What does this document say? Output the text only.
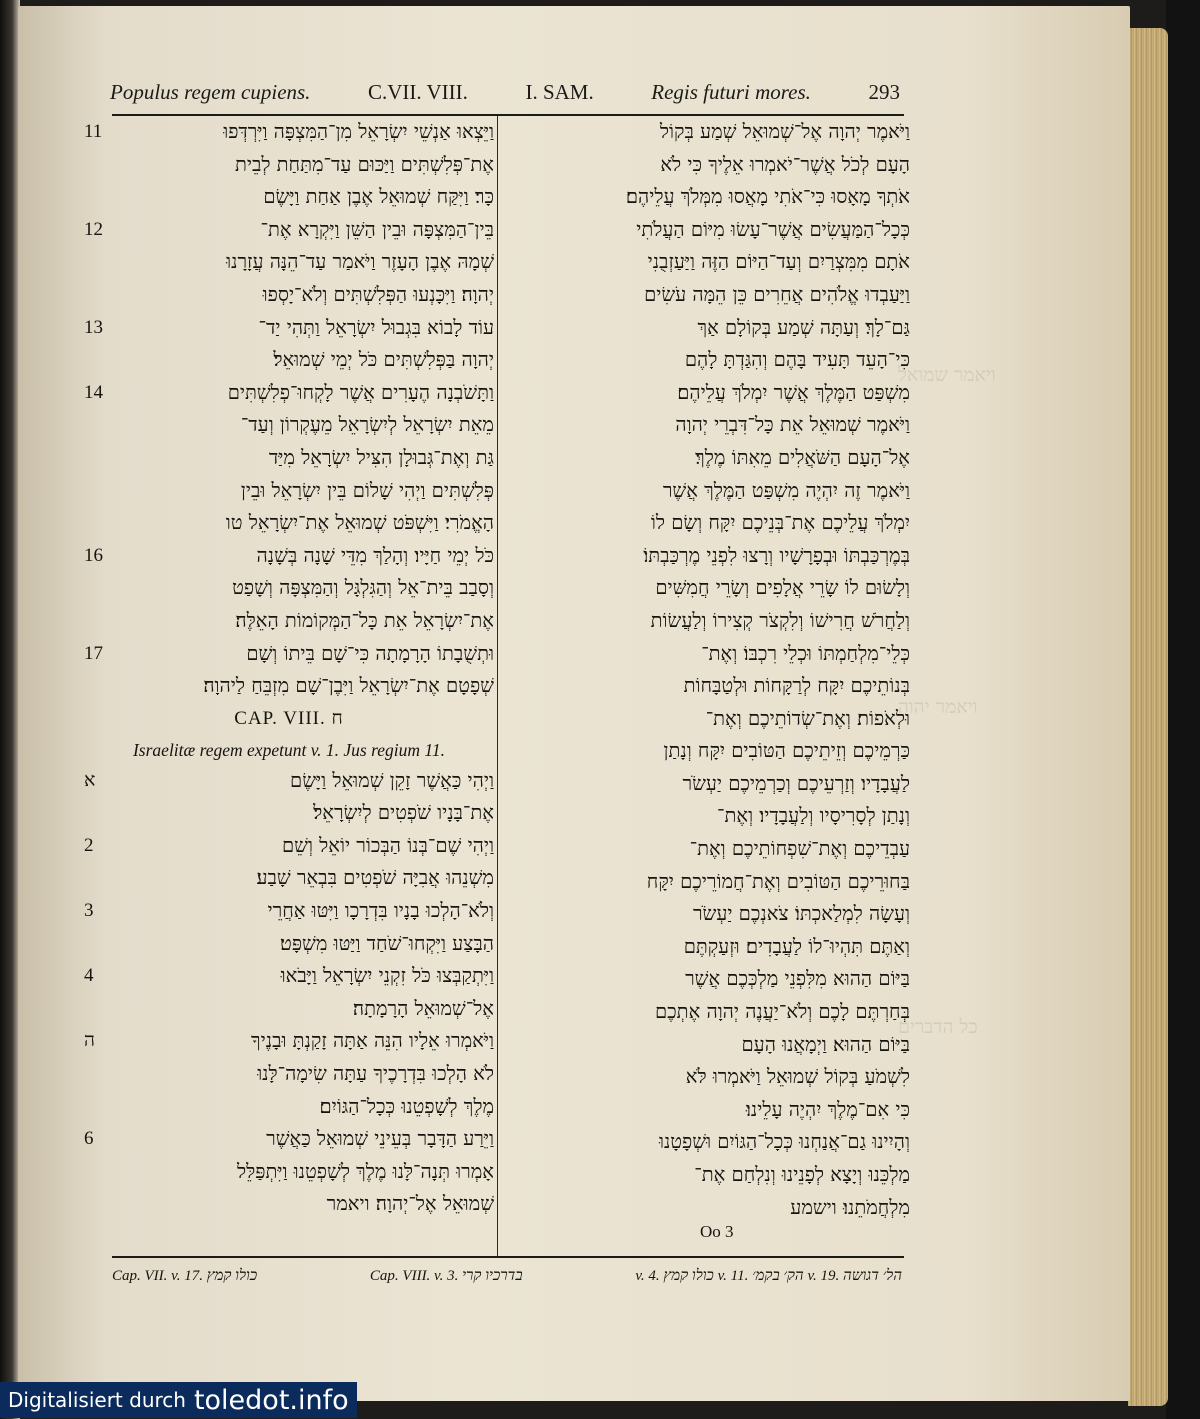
ויאמר שמואל
ויאמר יהוה
כל הדברים
Populus regem cupiens.	C.VII. VIII.	I. SAM.	Regis futuri mores.	293
וַיֵּצְאוּ אַנְשֵׁי יִשְׂרָאֵל מִן־הַמִּצְפָּה וַיִּרְדְּפוּ
11
אֶת־פְּלִשְׁתִּים וַיַּכּוּם עַד־מִתַּחַת לְבֵית
כָּר׃ וַיִּקַּח שְׁמוּאֵל אֶבֶן אַחַת וַיָּשֶׂם
בֵּין־הַמִּצְפָּה וּבֵין הַשֵּׁן וַיִּקְרָא אֶת־
12
שְׁמָהּ אֶבֶן הָעָזֶר וַיֹּאמַר עַד־הֵנָּה עֲזָרָנוּ
יְהוָה׃ וַיִּכָּנְעוּ הַפְּלִשְׁתִּים וְלֹא־יָסְפוּ
עוֹד לָבוֹא בִּגְבוּל יִשְׂרָאֵל וַתְּהִי יַד־
13
יְהוָה בַּפְּלִשְׁתִּים כֹּל יְמֵי שְׁמוּאֵל׃
וַתָּשֹׁבְנָה הֶעָרִים אֲשֶׁר לָקְחוּ־פְלִשְׁתִּים
14
מֵאֵת יִשְׂרָאֵל לְיִשְׂרָאֵל מֵעֶקְרוֹן וְעַד־
גַּת וְאֶת־גְּבוּלָן הִצִּיל יִשְׂרָאֵל מִיַּד
פְּלִשְׁתִּים וַיְהִי שָׁלוֹם בֵּין יִשְׂרָאֵל וּבֵין
הָאֱמֹרִי׃ וַיִּשְׁפֹּט שְׁמוּאֵל אֶת־יִשְׂרָאֵל טו
כֹּל יְמֵי חַיָּיו׃ וְהָלַךְ מִדֵּי שָׁנָה בְּשָׁנָה
16
וְסָבַב בֵּית־אֵל וְהַגִּלְגָּל וְהַמִּצְפָּה וְשָׁפַט
אֶת־יִשְׂרָאֵל אֵת כָּל־הַמְּקוֹמוֹת הָאֵלֶּה׃
וּתְשֻׁבָתוֹ הָרָמָתָה כִּי־שָׁם בֵּיתוֹ וְשָׁם
17
שְׁפָטָם אֶת־יִשְׂרָאֵל וַיִּבֶן־שָׁם מִזְבֵּחַ לַיהוָה׃
CAP. VIII. ח
Israelitæ regem expetunt v. 1. Jus regium 11.
וַיְהִי כַּאֲשֶׁר זָקֵן שְׁמוּאֵל וַיָּשֶׂם
א
אֶת־בָּנָיו שֹׁפְטִים לְיִשְׂרָאֵל׃
וַיְהִי שֶׁם־בְּנוֹ הַבְּכוֹר יוֹאֵל וְשֵׁם
2
מִשְׁנֵהוּ אֲבִיָּה שֹׁפְטִים בִּבְאֵר שָׁבַע׃
וְלֹא־הָלְכוּ בָנָיו בִּדְרָכָו וַיִּטּוּ אַחֲרֵי
3
הַבָּצַע וַיִּקְחוּ־שֹׁחַד וַיַּטּוּ מִשְׁפָּט׃
וַיִּתְקַבְּצוּ כֹּל זִקְנֵי יִשְׂרָאֵל וַיָּבֹאוּ
4
אֶל־שְׁמוּאֵל הָרָמָתָה׃
וַיֹּאמְרוּ אֵלָיו הִנֵּה אַתָּה זָקַנְתָּ וּבָנֶיךָ
ה
לֹא הָלְכוּ בִּדְרָכֶיךָ עַתָּה שִׂימָה־לָּנוּ
מֶלֶךְ לְשָׁפְטֵנוּ כְּכָל־הַגּוֹיִם׃
וַיֵּרַע הַדָּבָר בְּעֵינֵי שְׁמוּאֵל כַּאֲשֶׁר
6
אָמְרוּ תְּנָה־לָּנוּ מֶלֶךְ לְשָׁפְטֵנוּ וַיִּתְפַּלֵּל
שְׁמוּאֵל אֶל־יְהוָה׃ ויאמר
וַיֹּאמֶר יְהוָה אֶל־שְׁמוּאֵל שְׁמַע בְּקוֹל
הָעָם לְכֹל אֲשֶׁר־יֹאמְרוּ אֵלֶיךָ כִּי לֹא
אֹתְךָ מָאָסוּ כִּי־אֹתִי מָאֲסוּ מִמְּלֹךְ עֲלֵיהֶם׃
כְּכָל־הַמַּעֲשִׂים אֲשֶׁר־עָשׂוּ מִיּוֹם הַעֲלֹתִי
אֹתָם מִמִּצְרַיִם וְעַד־הַיּוֹם הַזֶּה וַיַּעַזְבֻנִי
וַיַּעַבְדוּ אֱלֹהִים אֲחֵרִים כֵּן הֵמָּה עֹשִׂים
גַּם־לָךְ׃ וְעַתָּה שְׁמַע בְּקוֹלָם אַךְ
כִּי־הָעֵד תָּעִיד בָּהֶם וְהִגַּדְתָּ לָהֶם
מִשְׁפַּט הַמֶּלֶךְ אֲשֶׁר יִמְלֹךְ עֲלֵיהֶם׃
וַיֹּאמֶר שְׁמוּאֵל אֵת כָּל־דִּבְרֵי יְהוָה
אֶל־הָעָם הַשֹּׁאֲלִים מֵאִתּוֹ מֶלֶךְ׃
וַיֹּאמֶר זֶה יִהְיֶה מִשְׁפַּט הַמֶּלֶךְ אֲשֶׁר
יִמְלֹךְ עֲלֵיכֶם אֶת־בְּנֵיכֶם יִקָּח וְשָׂם לוֹ
בְּמֶרְכַּבְתּוֹ וּבְפָרָשָׁיו וְרָצוּ לִפְנֵי מֶרְכַּבְתּוֹ׃
וְלָשׂוּם לוֹ שָׂרֵי אֲלָפִים וְשָׂרֵי חֲמִשִּׁים
וְלַחֲרֹשׁ חֲרִישׁוֹ וְלִקְצֹר קְצִירוֹ וְלַעֲשׂוֹת
כְּלֵי־מִלְחַמְתּוֹ וּכְלֵי רִכְבּוֹ׃ וְאֶת־
בְּנוֹתֵיכֶם יִקָּח לְרַקָּחוֹת וּלְטַבָּחוֹת
וּלְאֹפוֹת׃ וְאֶת־שְׂדוֹתֵיכֶם וְאֶת־
כַּרְמֵיכֶם וְזֵיתֵיכֶם הַטּוֹבִים יִקָּח וְנָתַן
לַעֲבָדָיו׃ וְזַרְעֵיכֶם וְכַרְמֵיכֶם יַעְשֹׂר
וְנָתַן לְסָרִיסָיו וְלַעֲבָדָיו׃ וְאֶת־
עַבְדֵיכֶם וְאֶת־שִׁפְחוֹתֵיכֶם וְאֶת־
בַּחוּרֵיכֶם הַטּוֹבִים וְאֶת־חֲמוֹרֵיכֶם יִקָּח
וְעָשָׂה לִמְלַאכְתּוֹ׃ צֹאנְכֶם יַעְשֹׂר
וְאַתֶּם תִּהְיוּ־לוֹ לַעֲבָדִים׃ וּזְעַקְתֶּם
בַּיּוֹם הַהוּא מִלִּפְנֵי מַלְכְּכֶם אֲשֶׁר
בְּחַרְתֶּם לָכֶם וְלֹא־יַעֲנֶה יְהוָה אֶתְכֶם
בַּיּוֹם הַהוּא׃ וַיְמָאֲנוּ הָעָם
לִשְׁמֹעַ בְּקוֹל שְׁמוּאֵל וַיֹּאמְרוּ לֹּא
כִּי אִם־מֶלֶךְ יִהְיֶה עָלֵינוּ׃
וְהָיִינוּ גַם־אֲנַחְנוּ כְּכָל־הַגּוֹיִם וּשְׁפָטָנוּ
מַלְכֵּנוּ וְיָצָא לְפָנֵינוּ וְנִלְחַם אֶת־
מִלְחֲמֹתֵנוּ׃ וישמע
Oo 3
Cap. VII. v. 17. כולו קמץ	Cap. VIII. v. 3. בדרכיו קרי	v. 4. כולו קמץ v. 11. הק׳ בקמ׳ v. 19. הל׳ דגושה
Digitalisiert durch toledot.info
